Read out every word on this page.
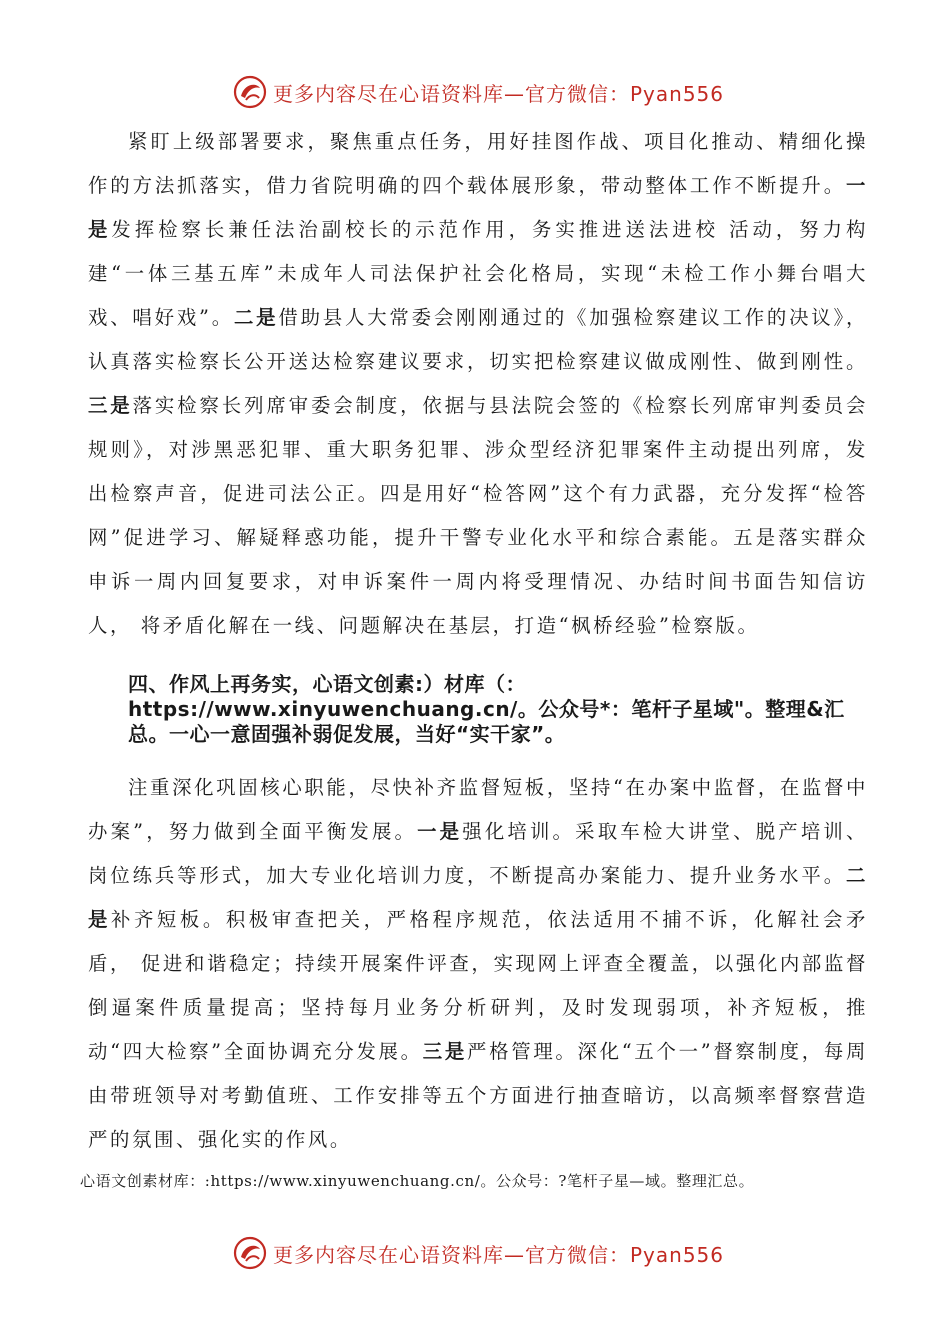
更多内容尽在心语资料库—官方微信：Pyan556

紧盯上级部署要求，聚焦重点任务，用好挂图作战、项目化推动、精细化操作的方法抓落实，借力省院明确的四个载体展形象，带动整体工作不断提升。一是发挥检察长兼任法治副校长的示范作用，务实推进送法进校 活动，努力构建“一体三基五库”未成年人司法保护社会化格局，实现“未检工作小舞台唱大戏、唱好戏”。二是借助县人大常委会刚刚通过的《加强检察建议工作的决议》，认真落实检察长公开送达检察建议要求，切实把检察建议做成刚性、做到刚性。三是落实检察长列席审委会制度，依据与县法院会签的《检察长列席审判委员会规则》，对涉黑恶犯罪、重大职务犯罪、涉众型经济犯罪案件主动提出列席，发出检察声音，促进司法公正。四是用好“检答网”这个有力武器，充分发挥“检答网”促进学习、解疑释惑功能，提升干警专业化水平和综合素能。五是落实群众申诉一周内回复要求，对申诉案件一周内将受理情况、办结时间书面告知信访人， 将矛盾化解在一线、问题解决在基层，打造“枫桥经验”检察版。

四、作风上再务实，心语文创素:）材库（：https://www.xinyuwenchuang.cn/。公众号*：笔杆子星域"。整理&汇总。一心一意固强补弱促发展，当好“实干家”。

注重深化巩固核心职能，尽快补齐监督短板，坚持“在办案中监督，在监督中办案”，努力做到全面平衡发展。一是强化培训。采取车检大讲堂、脱产培训、岗位练兵等形式，加大专业化培训力度，不断提高办案能力、提升业务水平。二是补齐短板。积极审查把关，严格程序规范，依法适用不捕不诉，化解社会矛盾， 促进和谐稳定；持续开展案件评查，实现网上评查全覆盖，以强化内部监督倒逼案件质量提高；坚持每月业务分析研判，及时发现弱项，补齐短板，推动“四大检察”全面协调充分发展。三是严格管理。深化“五个一”督察制度，每周由带班领导对考勤值班、工作安排等五个方面进行抽查暗访，以高频率督察营造严的氛围、强化实的作风。

心语文创素材库：:https://www.xinyuwenchuang.cn/。公众号：?笔杆子星—域。整理汇总。
更多内容尽在心语资料库—官方微信：Pyan556
